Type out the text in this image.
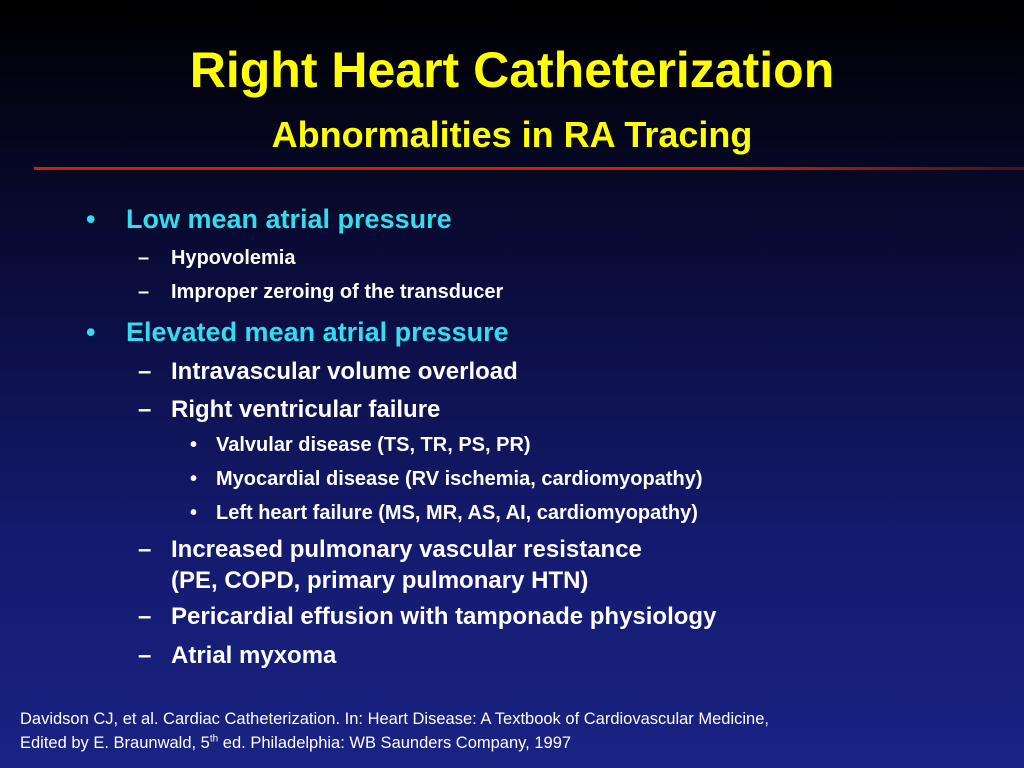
Right Heart Catheterization
Abnormalities in RA Tracing
• Low mean atrial pressure
– Hypovolemia
– Improper zeroing of the transducer
• Elevated mean atrial pressure
– Intravascular volume overload
– Right ventricular failure
• Valvular disease (TS, TR, PS, PR)
• Myocardial disease (RV ischemia, cardiomyopathy)
• Left heart failure (MS, MR, AS, AI, cardiomyopathy)
– Increased pulmonary vascular resistance
(PE, COPD, primary pulmonary HTN)
– Pericardial effusion with tamponade physiology
– Atrial myxoma
Davidson CJ, et al. Cardiac Catheterization. In: Heart Disease: A Textbook of Cardiovascular Medicine,
Edited by E. Braunwald, 5th ed. Philadelphia: WB Saunders Company, 1997
